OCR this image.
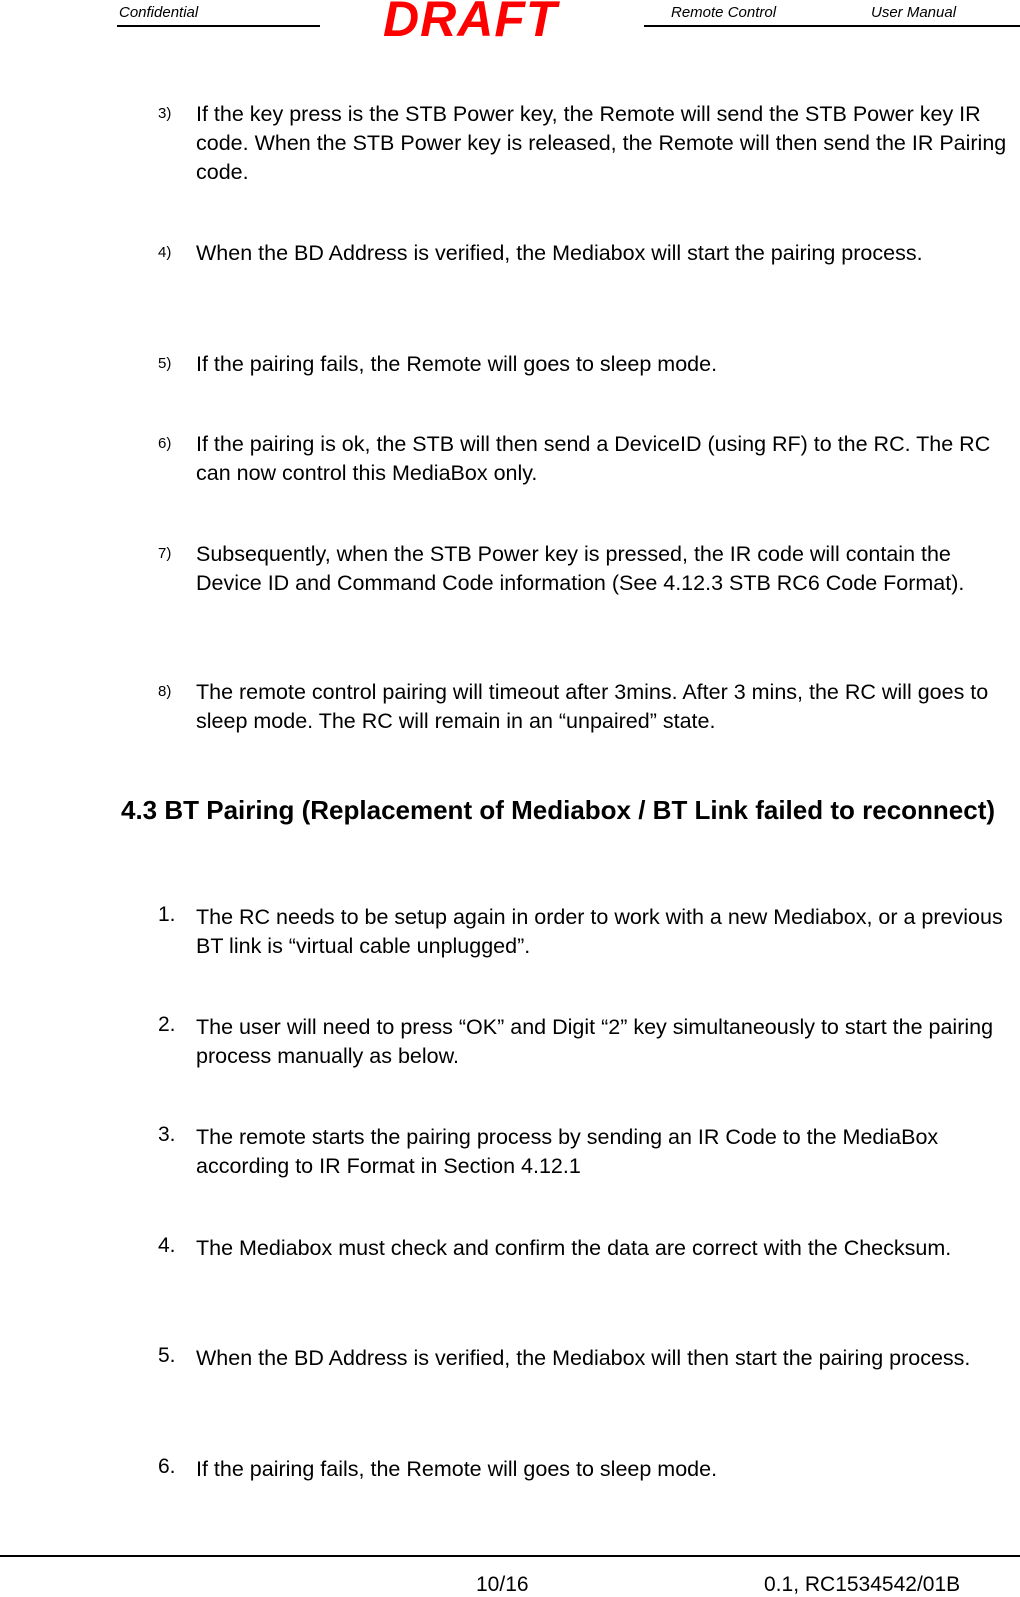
Confidential	DRAFT	Remote Control	User Manual
3) If the key press is the STB Power key, the Remote will send the STB Power key IR code. When the STB Power key is released, the Remote will then send the IR Pairing code.
4) When the BD Address is verified, the Mediabox will start the pairing process.
5) If the pairing fails, the Remote will goes to sleep mode.
6) If the pairing is ok, the STB will then send a DeviceID (using RF) to the RC. The RC can now control this MediaBox only.
7) Subsequently, when the STB Power key is pressed, the IR code will contain the Device ID and Command Code information (See 4.12.3 STB RC6 Code Format).
8) The remote control pairing will timeout after 3mins. After 3 mins, the RC will goes to sleep mode. The RC will remain in an “unpaired” state.
4.3 BT Pairing (Replacement of Mediabox / BT Link failed to reconnect)
1. The RC needs to be setup again in order to work with a new Mediabox, or a previous BT link is “virtual cable unplugged”.
2. The user will need to press “OK” and Digit “2” key simultaneously to start the pairing process manually as below.
3. The remote starts the pairing process by sending an IR Code to the MediaBox according to IR Format in Section 4.12.1
4. The Mediabox must check and confirm the data are correct with the Checksum.
5. When the BD Address is verified, the Mediabox will then start the pairing process.
6. If the pairing fails, the Remote will goes to sleep mode.
10/16	0.1, RC1534542/01B
